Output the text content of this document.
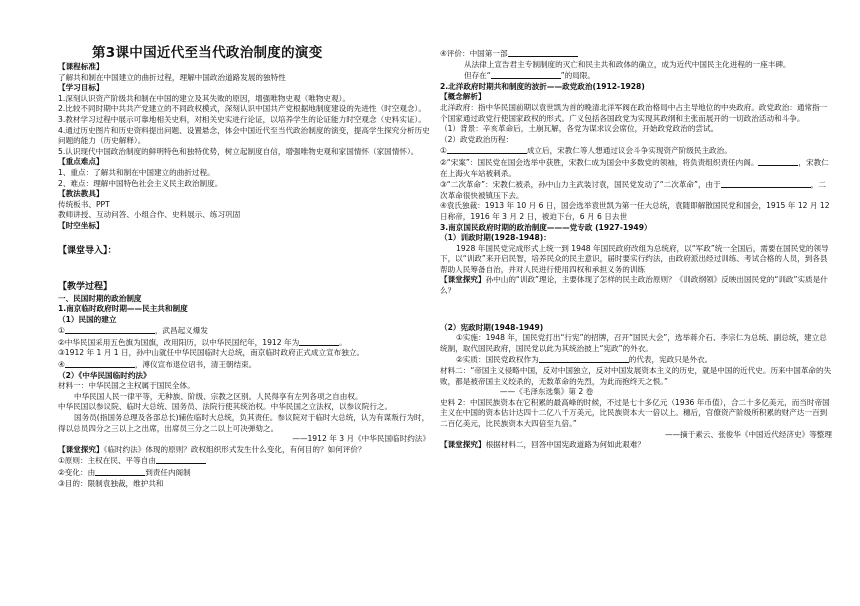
第3课中国近代至当代政治制度的演变

【课程标准】

了解共和制在中国建立的曲折过程，理解中国政治道路发展的独特性

【学习目标】

1.深刻认识资产阶级共和制在中国的建立及其失败的原因，增强唯物史观（唯物史观）。

2.比较不同时期中共共产党建立的不同政权模式，深刻认识中国共产党根据地制度建设的先进性（时空观念）。

3.教材学习过程中展示可靠地相关史料，对相关史实进行论证，以培养学生的论证能力时空观念（史料实证）。

4.通过历史图片和历史资料提出问题、设置悬念，体会中国近代至当代政治制度的演变，提高学生探究分析历史问题的能力（历史解释）。

5.认识现代中国政治制度的鲜明特色和独特优势，树立起制度自信，增强唯物史观和家国情怀（家国情怀）。

【重点难点】

1、重点：了解共和制在中国建立的曲折过程。

2、难点：理解中国特色社会主义民主政治制度。

【教法教具】

传统板书、PPT

教师讲授、互动问答、小组合作、史料展示、练习巩固

【时空坐标】

【课堂导入】：

【教学过程】

一、民国时期的政治制度

1.南京临时政府时期——民主共和制度

（1）民国的建立

①	，武昌起义爆发

②中华民国采用五色旗为国旗，改用阳历，以中华民国纪年，1912 年为	。

③1912 年 1 月 1 日，孙中山就任中华民国临时大总统，南京临时政府正式成立宣布独立。

④	，溥仪宣布退位诏书，清王朝结束。

（2）《中华民国临时约法》

材料一：中华民国之主权属于国民全体。

中华民国人民一律平等，无种族、阶级、宗教之区别。人民得享有左列各项之自由权。

中华民国以参议院、临时大总统、国务员、法院行使其统治权。中华民国之立法权，以参议院行之。

国务员(指国务总理及各部总长)辅佐临时大总统，负其责任。参议院对于临时大总统，认为有谋叛行为时，得以总员四分之三以上之出席，出席员三分之二以上可决弹劾之。

——1912 年 3 月《中华民国临时约法》

【课堂探究】《临时约法》体现的原则？政权组织形式发生什么变化，有何目的？如何评价？

①原则：主权在民、平等自由

②变化：由	到责任内阁制

③目的：限制袁独裁，维护共和

④评价：中国第一部

从法律上宣告君主专制制度的灭亡和民主共和政体的确立，成为近代中国民主化进程的一座丰碑。

但存在“	”的局限。

2.北洋政府时期共和制度的波折——政党政治(1912-1928)

【概念解析】

北洋政府：指中华民国前期以袁世凯为首的晚清北洋军阀在政治格局中占主导地位的中央政府。政党政治：通常指一个国家通过政党行使国家政权的形式。广义包括各国政党为实现其政纲和主张而展开的一切政治活动和斗争。

（1）背景：辛亥革命后，土崩瓦解，各党为谋求议会席位，开始政党政治的尝试。

（2）政党政治历程：

①	成立后，宋教仁等人想通过议会斗争实现资产阶级民主政治。

②“宋案”：国民党在国会选举中获胜，宋教仁成为国会中多数党的领袖，将负责组织责任内阁。	，宋教仁在上海火车站被刺杀。

③“二次革命”：宋教仁被杀，孙中山力主武装讨袁，国民党发动了“二次革命”，由于	，二次革命很快被镇压下去。

④袁氏独裁：1913 年 10 月 6 日，国会选举袁世凯为第一任大总统，袁随即解散国民党和国会，1915 年 12 月 12 日称帝，1916 年 3 月 2 日，被迫下台，6 月 6 日去世

3.南京国民政府时期的政治制度———党专政 (1927-1949）

（1）训政时期(1928-1948)：

1928 年国民党完成形式上统一到 1948 年国民政府改组为总统府，以“军政”统一全国后，需要在国民党的领导下，以“训政”来开启民智，培养民众的民主意识，届时要实行约法，由政府派出经过训练、考试合格的人员，到各县帮助人民筹备自治，并对人民进行使用四权和承担义务的训练

【课堂探究】孙中山的“训政”理论，主要体现了怎样的民主政治原则？《训政纲领》反映出国民党的“训政”实质是什么？

（2）宪政时期(1948-1949)

①实施：1948 年，国民党打出“行宪”的招牌，召开“国民大会”，选举蒋介石、李宗仁为总统、副总统，建立总统制，取代国民政府，国民党以此为其统治披上“宪政”的外衣。

②实质：国民党政权作为	的代表，宪政只是外衣。

材料二：“帝国主义侵略中国，反对中国独立，反对中国发展资本主义的历史，就是中国的近代史。历来中国革命的失败，都是被帝国主义绞杀的，无数革命的先烈，为此而抱终天之恨。”

——《毛泽东选集》第 2 卷

史料 2：中国民族资本在它积累的最高峰的时候，不过是七十多亿元（1936 年币值），合二十多亿美元，而当时帝国主义在中国的资本估计达四十二亿八千万美元，比民族资本大一倍以上。穗后，官僚资产阶级所积累的财产达一百到二百亿美元，比民族资本大四倍至九倍。”

——摘于素云、张俊华《中国近代经济史》等整理

【课堂探究】根据材料二，回答中国宪政道路为何如此艰难？
